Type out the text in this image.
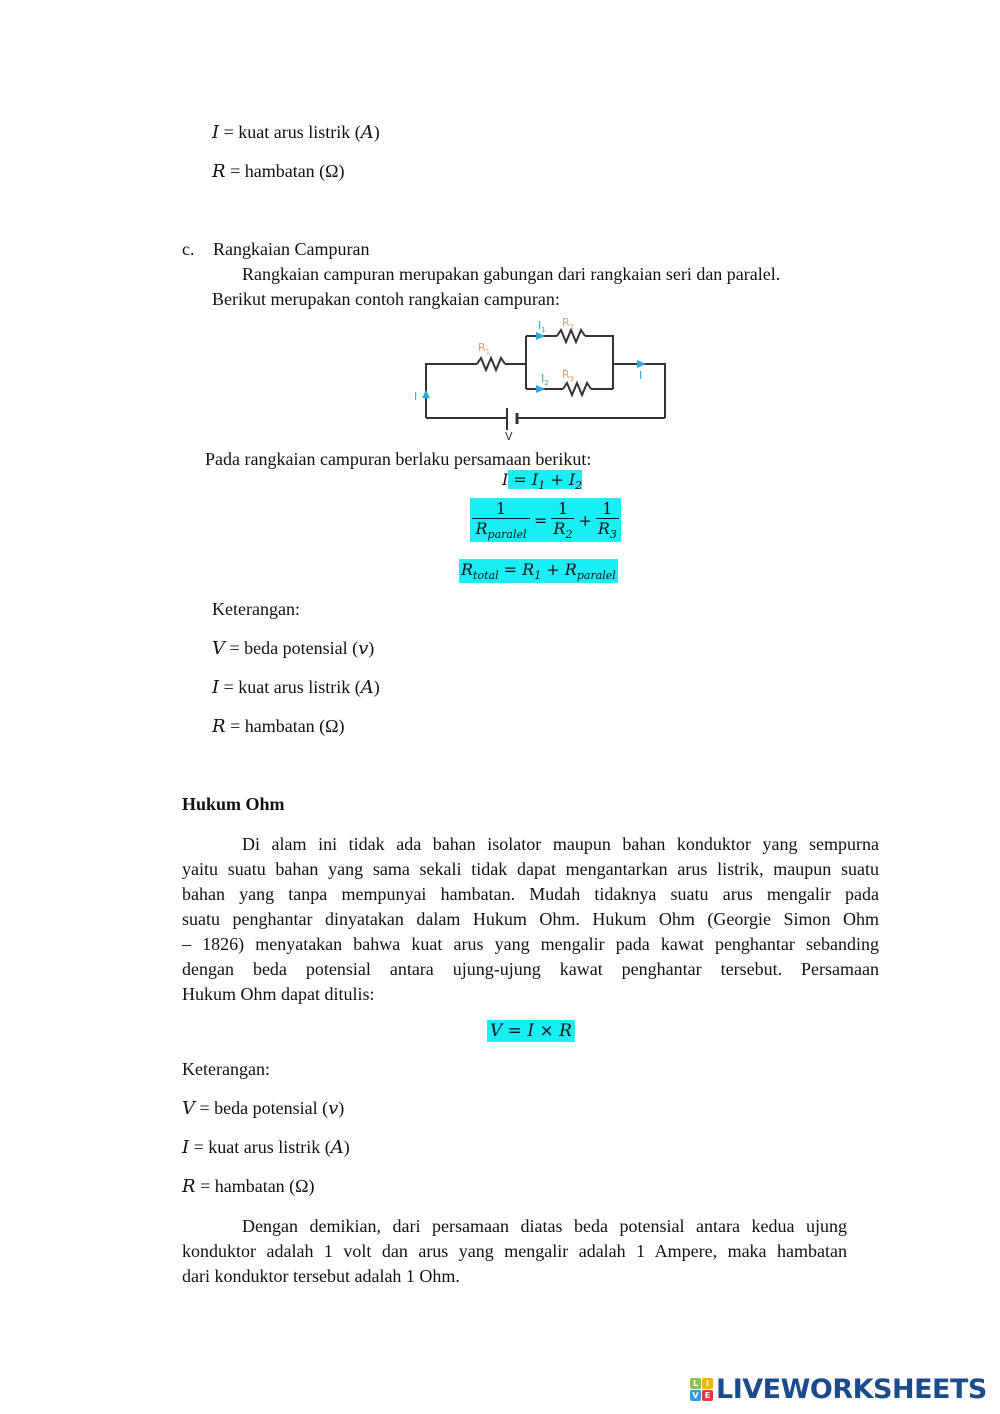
I = kuat arus listrik (A)
R = hambatan (Ω)
c. Rangkaian Campuran
Rangkaian campuran merupakan gabungan dari rangkaian seri dan paralel.
Berikut merupakan contoh rangkaian campuran:
$R_1$
$R_2$
$R_3$
$I_1$
$I_2$
I
I
V
Pada rangkaian campuran berlaku persamaan berikut:
$I = I_1 + I_2$
$\frac{1}{R_{paralel}} = \frac{1}{R_2} + \frac{1}{R_3}$
$R_{total} = R_1 + R_{paralel}$
Keterangan:
V = beda potensial (v)
I = kuat arus listrik (A)
R = hambatan (Ω)
Hukum Ohm
Di alam ini tidak ada bahan isolator maupun bahan konduktor yang sempurna
yaitu suatu bahan yang sama sekali tidak dapat mengantarkan arus listrik, maupun suatu
bahan yang tanpa mempunyai hambatan. Mudah tidaknya suatu arus mengalir pada
suatu penghantar dinyatakan dalam Hukum Ohm. Hukum Ohm (Georgie Simon Ohm
– 1826) menyatakan bahwa kuat arus yang mengalir pada kawat penghantar sebanding
dengan beda potensial antara ujung-ujung kawat penghantar tersebut. Persamaan
Hukum Ohm dapat ditulis:
V = I × R
Keterangan:
V = beda potensial (v)
I = kuat arus listrik (A)
R = hambatan (Ω)
Dengan demikian, dari persamaan diatas beda potensial antara kedua ujung
konduktor adalah 1 volt dan arus yang mengalir adalah 1 Ampere, maka hambatan
dari konduktor tersebut adalah 1 Ohm.
L I
V E LIVEWORKSHEETS
